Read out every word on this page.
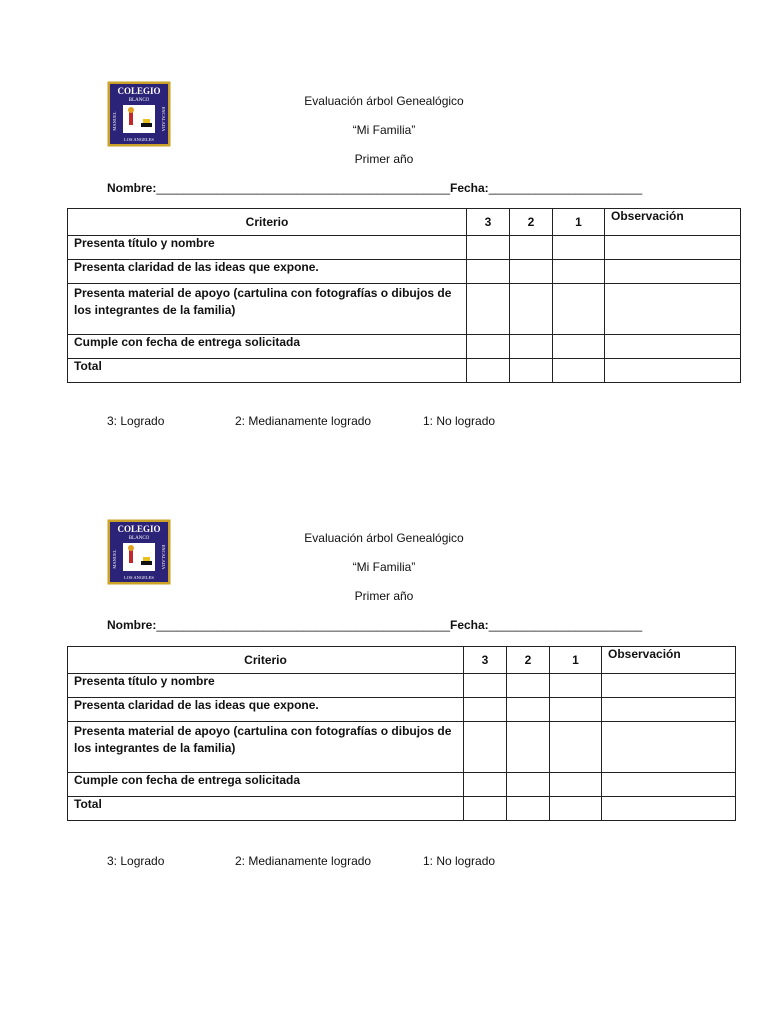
COLEGIO
BLANCO
MANUEL	ENCALADA
LOS ANGELES
Evaluación árbol Genealógico
“Mi Familia”
Primer año
Nombre:____________________________________________Fecha:_______________________
Criterio	3	2	1	Observación
Presenta título y nombre				
Presenta claridad de las ideas que expone.				
Presenta material de apoyo (cartulina con fotografías o dibujos de los integrantes de la familia)				
Cumple con fecha de entrega solicitada				
Total				
3: Logrado	2: Medianamente logrado	1: No logrado
COLEGIO
BLANCO
MANUEL	ENCALADA
LOS ANGELES
Evaluación árbol Genealógico
“Mi Familia”
Primer año
Nombre:____________________________________________Fecha:_______________________
Criterio	3	2	1	Observación
Presenta título y nombre				
Presenta claridad de las ideas que expone.				
Presenta material de apoyo (cartulina con fotografías o dibujos de los integrantes de la familia)				
Cumple con fecha de entrega solicitada				
Total				
3: Logrado	2: Medianamente logrado	1: No logrado
